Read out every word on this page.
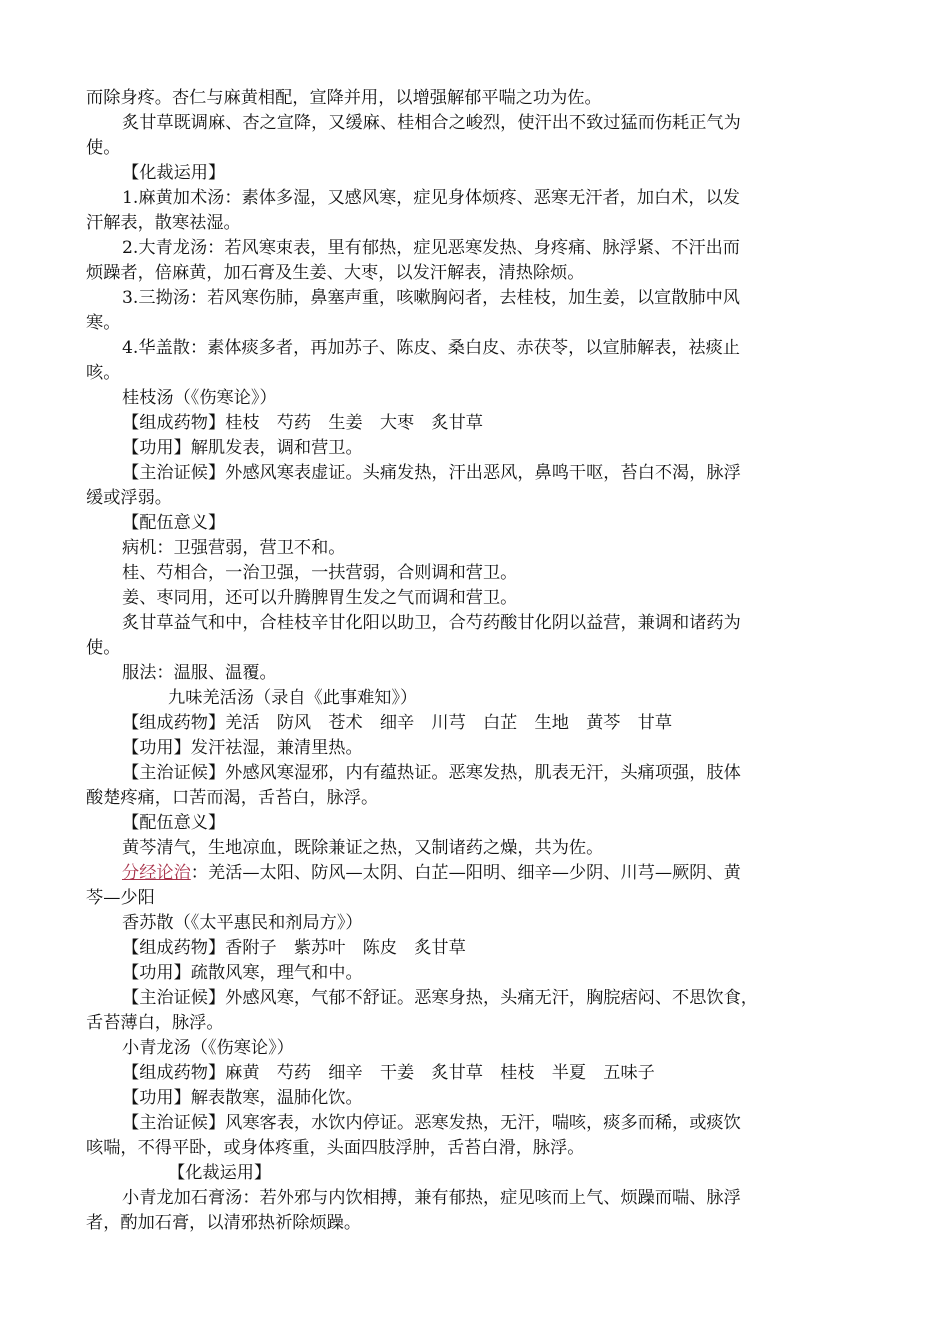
而除身疼。杏仁与麻黄相配，宣降并用，以增强解郁平喘之功为佐。
炙甘草既调麻、杏之宣降，又缓麻、桂相合之峻烈，使汗出不致过猛而伤耗正气为
使。
【化裁运用】
1.麻黄加术汤：素体多湿，又感风寒，症见身体烦疼、恶寒无汗者，加白术，以发
汗解表，散寒祛湿。
2.大青龙汤：若风寒束表，里有郁热，症见恶寒发热、身疼痛、脉浮紧、不汗出而
烦躁者，倍麻黄，加石膏及生姜、大枣，以发汗解表，清热除烦。
3.三拗汤：若风寒伤肺，鼻塞声重，咳嗽胸闷者，去桂枝，加生姜，以宣散肺中风
寒。
4.华盖散：素体痰多者，再加苏子、陈皮、桑白皮、赤茯苓，以宣肺解表，祛痰止
咳。
桂枝汤（《伤寒论》）
【组成药物】桂枝　芍药　生姜　大枣　炙甘草
【功用】解肌发表，调和营卫。
【主治证候】外感风寒表虚证。头痛发热，汗出恶风，鼻鸣干呕，苔白不渴，脉浮
缓或浮弱。
【配伍意义】
病机：卫强营弱，营卫不和。
桂、芍相合，一治卫强，一扶营弱，合则调和营卫。
姜、枣同用，还可以升腾脾胃生发之气而调和营卫。
炙甘草益气和中，合桂枝辛甘化阳以助卫，合芍药酸甘化阴以益营，兼调和诸药为
使。
服法：温服、温覆。
九味羌活汤（录自《此事难知》）
【组成药物】羌活　防风　苍术　细辛　川芎　白芷　生地　黄芩　甘草
【功用】发汗祛湿，兼清里热。
【主治证候】外感风寒湿邪，内有蕴热证。恶寒发热，肌表无汗，头痛项强，肢体
酸楚疼痛，口苦而渴，舌苔白，脉浮。
【配伍意义】
黄芩清气，生地凉血，既除兼证之热，又制诸药之燥，共为佐。
分经论治：羌活—太阳、防风—太阴、白芷—阳明、细辛—少阴、川芎—厥阴、黄
芩—少阳
香苏散（《太平惠民和剂局方》）
【组成药物】香附子　紫苏叶　陈皮　炙甘草
【功用】疏散风寒，理气和中。
【主治证候】外感风寒，气郁不舒证。恶寒身热，头痛无汗，胸脘痞闷、不思饮食，
舌苔薄白，脉浮。
小青龙汤（《伤寒论》）
【组成药物】麻黄　芍药　细辛　干姜　炙甘草　桂枝　半夏　五味子
【功用】解表散寒，温肺化饮。
【主治证候】风寒客表，水饮内停证。恶寒发热，无汗，喘咳，痰多而稀，或痰饮
咳喘，不得平卧，或身体疼重，头面四肢浮肿，舌苔白滑，脉浮。
【化裁运用】
小青龙加石膏汤：若外邪与内饮相搏，兼有郁热，症见咳而上气、烦躁而喘、脉浮
者，酌加石膏，以清邪热祈除烦躁。
